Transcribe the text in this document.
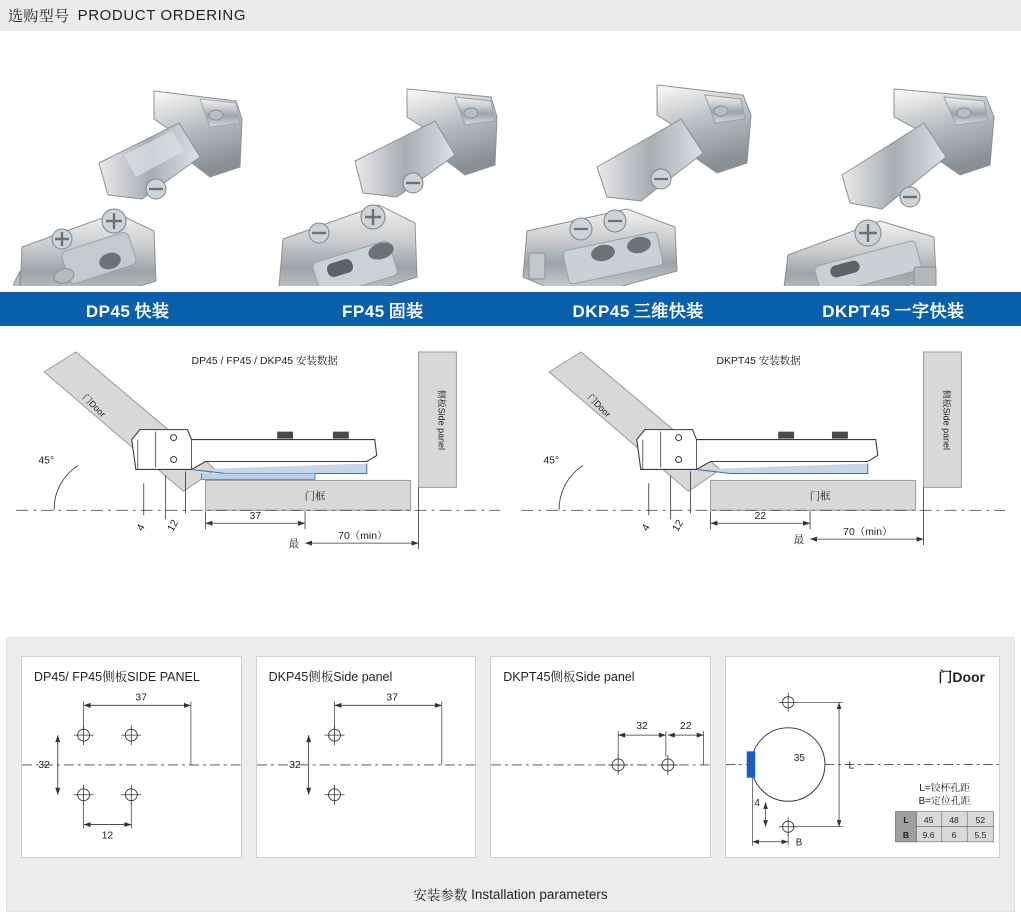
选购型号 PRODUCT ORDERING
DP45 快装	FP45 固装	DKP45 三维快装	DKPT45 一字快装
DP45 / FP45 / DKP45 安装数据
侧板Side panel
门Door
门框
45°
4 12
37
最
70（min）
DKPT45 安装数据
侧板Side panel
门Door
门框
45°
4 12
22
最
70（min）
DP45/ FP45侧板SIDE PANEL
37
32
12
DKP45侧板Side panel
37
32
DKPT45侧板Side panel
32	22
门Door
35
L
4
B
L=铰杯孔距
B=定位孔距
L 45 48 52
B 9.6 6 5.5
安装参数
Installation parameters
